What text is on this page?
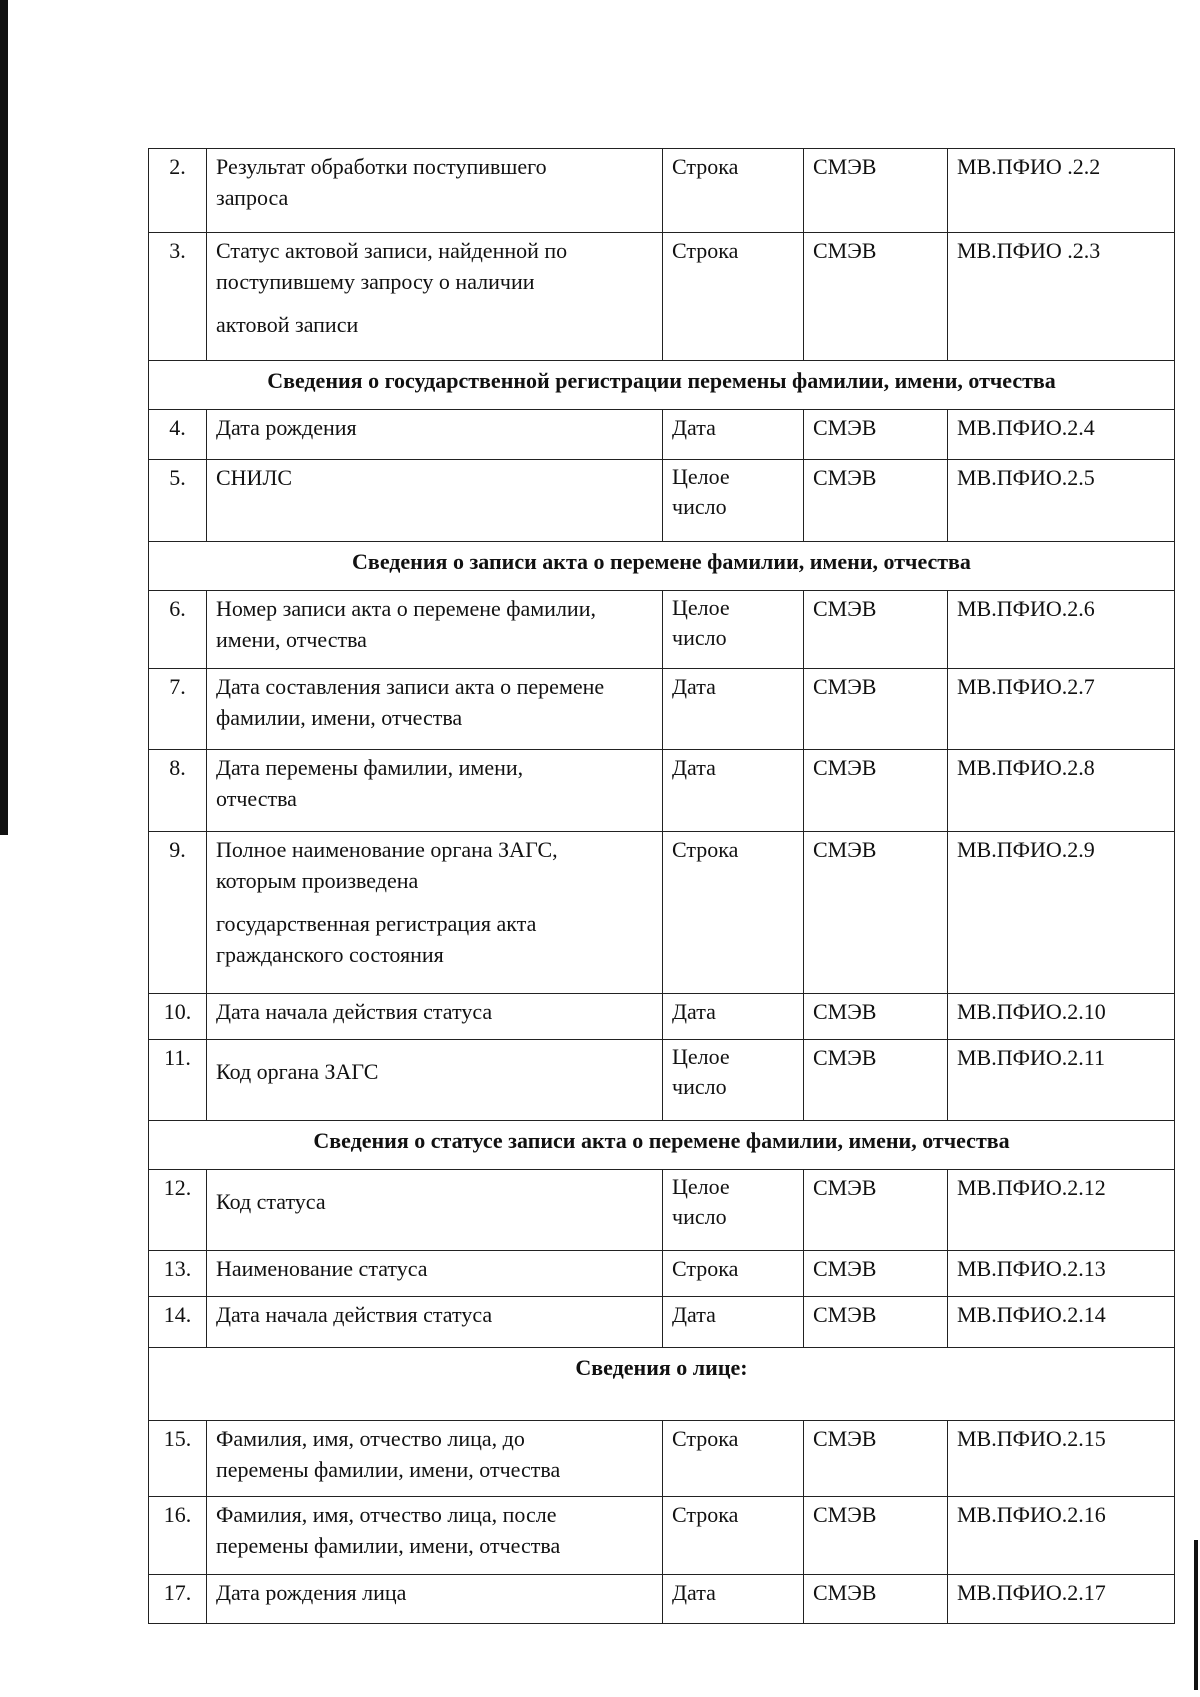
2.	Результат обработки поступившего
запроса	Строка	СМЭВ	МВ.ПФИО .2.2
3.	Статус актовой записи, найденной по
поступившему запросу о наличии
актовой записи	Строка	СМЭВ	МВ.ПФИО .2.3
Сведения о государственной регистрации перемены фамилии, имени, отчества				
4.	Дата рождения	Дата	СМЭВ	МВ.ПФИО.2.4
5.	СНИЛС	Целое число	СМЭВ	МВ.ПФИО.2.5
Сведения о записи акта о перемене фамилии, имени, отчества				
6.	Номер записи акта о перемене фамилии,
имени, отчества	Целое число	СМЭВ	МВ.ПФИО.2.6
7.	Дата составления записи акта о перемене
фамилии, имени, отчества	Дата	СМЭВ	МВ.ПФИО.2.7
8.	Дата перемены фамилии, имени,
отчества	Дата	СМЭВ	МВ.ПФИО.2.8
9.	Полное наименование органа ЗАГС,
которым произведена
государственная регистрация акта
гражданского состояния	Строка	СМЭВ	МВ.ПФИО.2.9
10.	Дата начала действия статуса	Дата	СМЭВ	МВ.ПФИО.2.10
11.	Код органа ЗАГС	Целое число	СМЭВ	МВ.ПФИО.2.11
Сведения о статусе записи акта о перемене фамилии, имени, отчества				
12.	Код статуса	Целое число	СМЭВ	МВ.ПФИО.2.12
13.	Наименование статуса	Строка	СМЭВ	МВ.ПФИО.2.13
14.	Дата начала действия статуса	Дата	СМЭВ	МВ.ПФИО.2.14
Сведения о лице:				
15.	Фамилия, имя, отчество лица, до
перемены фамилии, имени, отчества	Строка	СМЭВ	МВ.ПФИО.2.15
16.	Фамилия, имя, отчество лица, после
перемены фамилии, имени, отчества	Строка	СМЭВ	МВ.ПФИО.2.16
17.	Дата рождения лица	Дата	СМЭВ	МВ.ПФИО.2.17
